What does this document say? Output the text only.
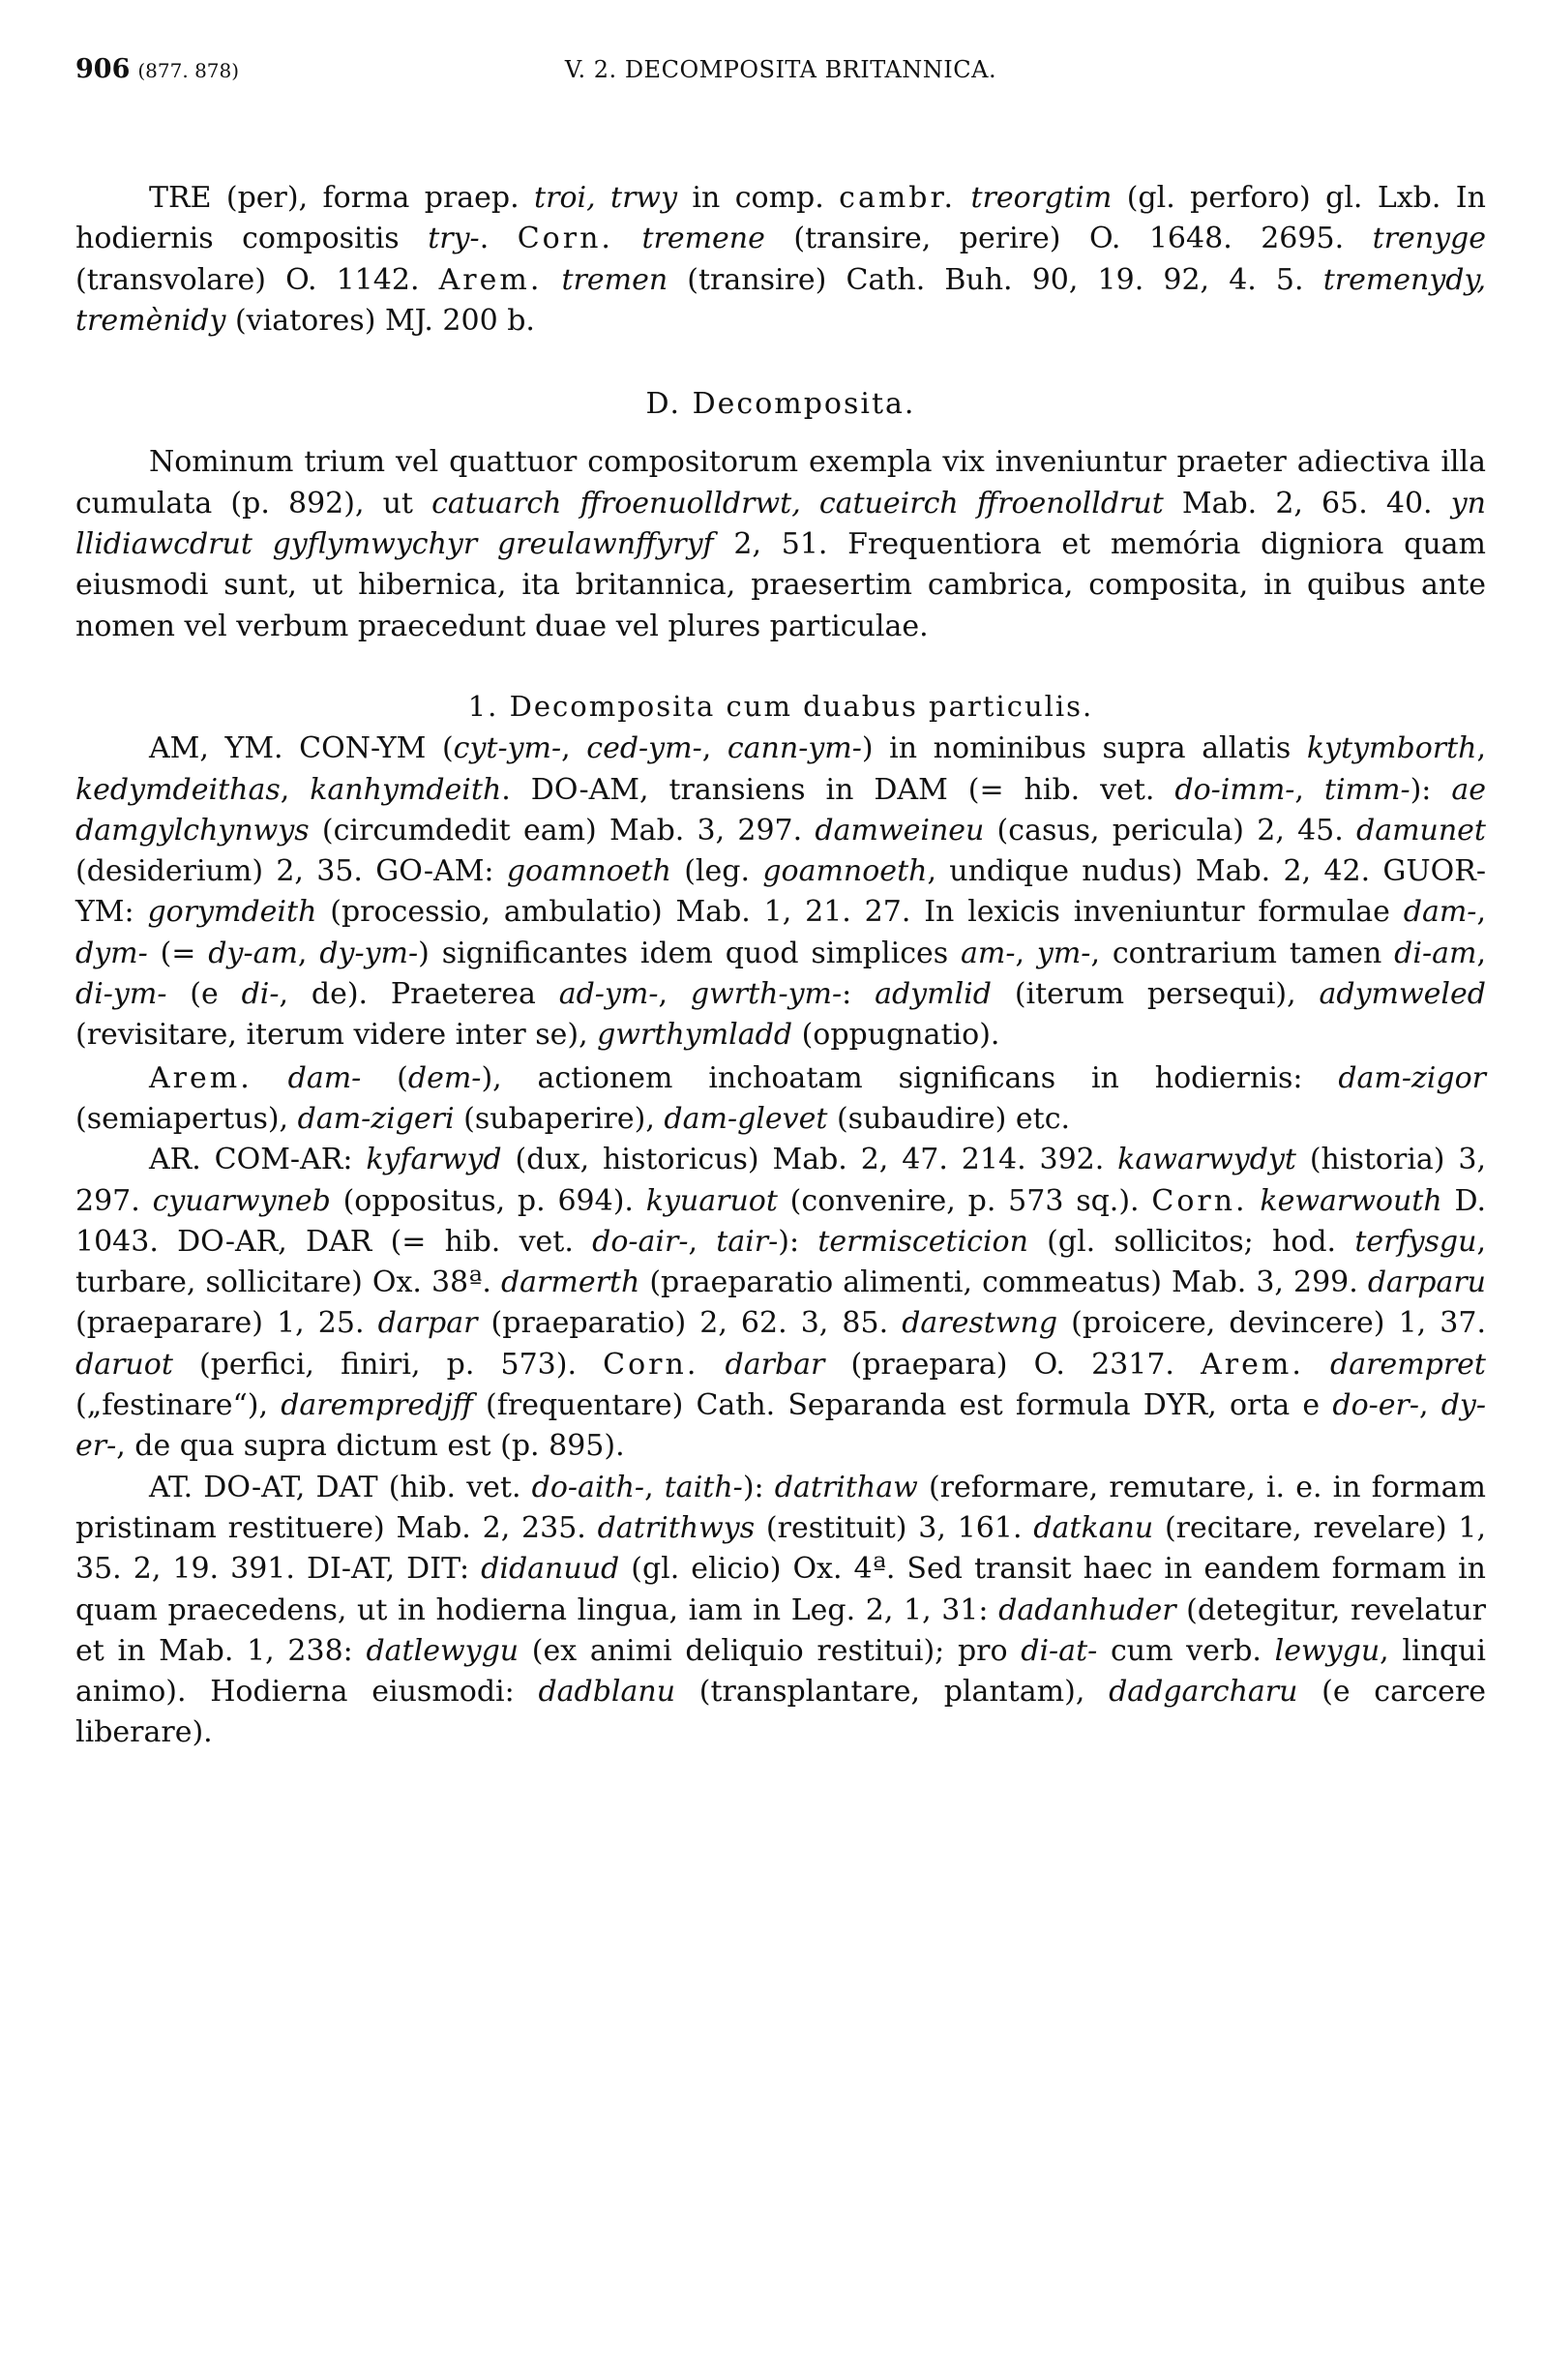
906 (877. 878)	V. 2. DECOMPOSITA BRITANNICA.

TRE (per), forma praep. troi, trwy in comp. cambr. treorgtim (gl. perforo) gl. Lxb. In hodiernis compositis try-. Corn. tremene (transire, perire) O. 1648. 2695. trenyge (transvolare) O. 1142. Arem. tremen (transire) Cath. Buh. 90, 19. 92, 4. 5. tremenydy, tremènidy (viatores) MJ. 200 b.

D. Decomposita.

Nominum trium vel quattuor compositorum exempla vix inveniuntur praeter adiectiva illa cumulata (p. 892), ut catuarch ffroenuolldrwt, catueirch ffroenolldrut Mab. 2, 65. 40. yn llidiawcdrut gyflymwychyr greulawnffyryf 2, 51. Frequentiora et memória digniora quam eiusmodi sunt, ut hibernica, ita britannica, praesertim cambrica, composita, in quibus ante nomen vel verbum praecedunt duae vel plures particulae.

1. Decomposita cum duabus particulis.

AM, YM. CON-YM (cyt-ym-, ced-ym-, cann-ym-) in nominibus supra allatis kytymborth, kedymdeithas, kanhymdeith. DO-AM, transiens in DAM (= hib. vet. do-imm-, timm-): ae damgylchynwys (circumdedit eam) Mab. 3, 297. damweineu (casus, pericula) 2, 45. damunet (desiderium) 2, 35. GO-AM: goamnoeth (leg. goamnoeth, undique nudus) Mab. 2, 42. GUOR-YM: gorymdeith (processio, ambulatio) Mab. 1, 21. 27. In lexicis inveniuntur formulae dam-, dym- (= dy-am, dy-ym-) significantes idem quod simplices am-, ym-, contrarium tamen di-am, di-ym- (e di-, de). Praeterea ad-ym-, gwrth-ym-: adymlid (iterum persequi), adymweled (revisitare, iterum videre inter se), gwrthymladd (oppugnatio).

Arem. dam- (dem-), actionem inchoatam significans in hodiernis: dam-zigor (semiapertus), dam-zigeri (subaperire), dam-glevet (subaudire) etc.

AR. COM-AR: kyfarwyd (dux, historicus) Mab. 2, 47. 214. 392. kawarwydyt (historia) 3, 297. cyuarwyneb (oppositus, p. 694). kyuaruot (convenire, p. 573 sq.). Corn. kewarwouth D. 1043. DO-AR, DAR (= hib. vet. do-air-, tair-): termisceticion (gl. sollicitos; hod. terfysgu, turbare, sollicitare) Ox. 38ª. darmerth (praeparatio alimenti, commeatus) Mab. 3, 299. darparu (praeparare) 1, 25. darpar (praeparatio) 2, 62. 3, 85. darestwng (proicere, devincere) 1, 37. daruot (perfici, finiri, p. 573). Corn. darbar (praepara) O. 2317. Arem. darempret („festinare“), darempredjff (frequentare) Cath. Separanda est formula DYR, orta e do-er-, dy-er-, de qua supra dictum est (p. 895).

AT. DO-AT, DAT (hib. vet. do-aith-, taith-): datrithaw (reformare, remutare, i. e. in formam pristinam restituere) Mab. 2, 235. datrithwys (restituit) 3, 161. datkanu (recitare, revelare) 1, 35. 2, 19. 391. DI-AT, DIT: didanuud (gl. elicio) Ox. 4ª. Sed transit haec in eandem formam in quam praecedens, ut in hodierna lingua, iam in Leg. 2, 1, 31: dadanhuder (detegitur, revelatur et in Mab. 1, 238: datlewygu (ex animi deliquio restitui); pro di-at- cum verb. lewygu, linqui animo). Hodierna eiusmodi: dadblanu (transplantare, plantam), dadgarcharu (e carcere liberare).
